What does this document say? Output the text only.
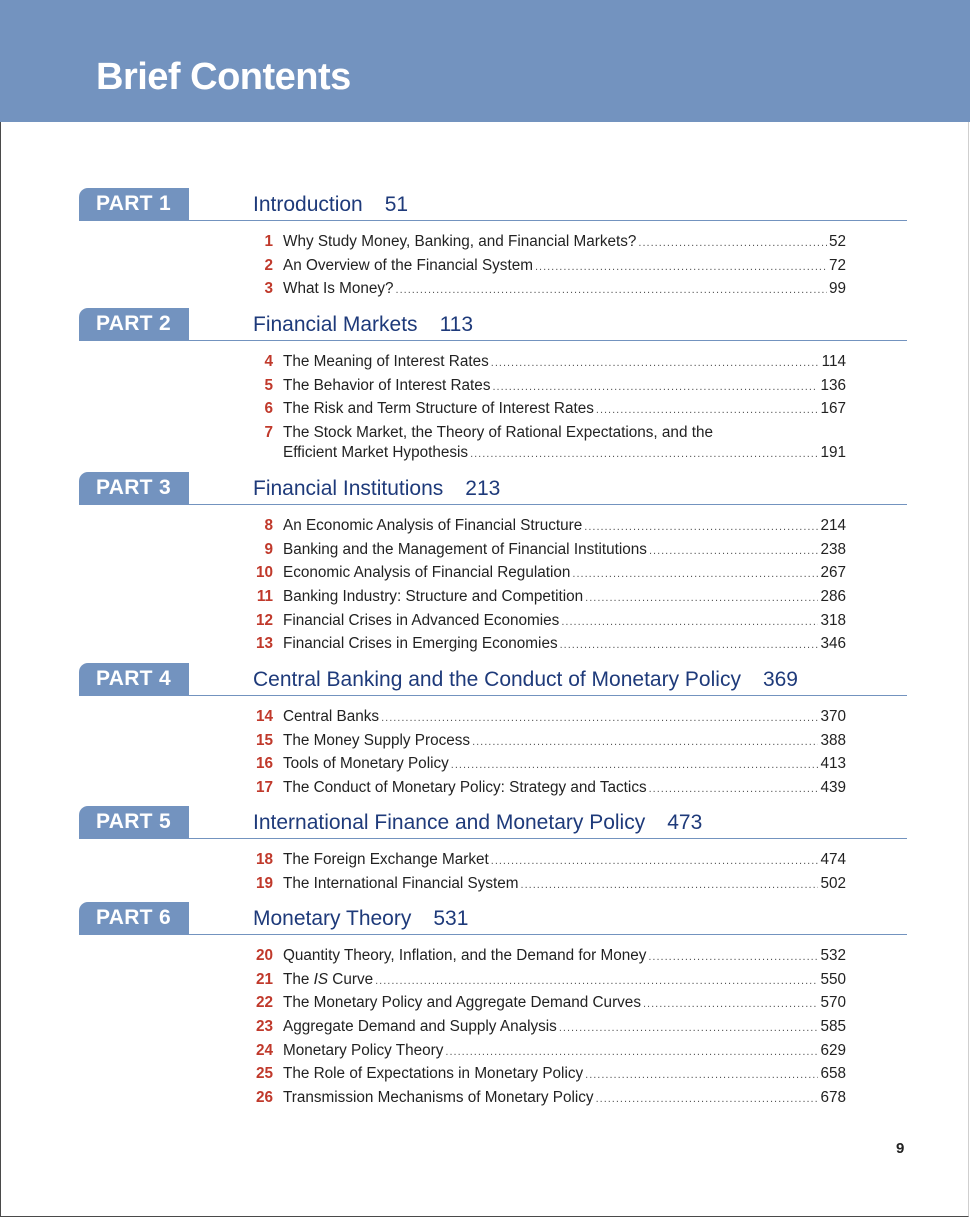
Brief Contents
PART 1	Introduction 51
1 Why Study Money, Banking, and Financial Markets? .....	52
2 An Overview of the Financial System .....	72
3 What Is Money? .....	99
PART 2	Financial Markets 113
4 The Meaning of Interest Rates .....	114
5 The Behavior of Interest Rates .....	136
6 The Risk and Term Structure of Interest Rates .....	167
7 The Stock Market, the Theory of Rational Expectations, and the
Efficient Market Hypothesis .....	191
PART 3	Financial Institutions 213
8 An Economic Analysis of Financial Structure .....	214
9 Banking and the Management of Financial Institutions .....	238
10 Economic Analysis of Financial Regulation .....	267
11 Banking Industry: Structure and Competition .....	286
12 Financial Crises in Advanced Economies .....	318
13 Financial Crises in Emerging Economies .....	346
PART 4	Central Banking and the Conduct of Monetary Policy 369
14 Central Banks .....	370
15 The Money Supply Process .....	388
16 Tools of Monetary Policy .....	413
17 The Conduct of Monetary Policy: Strategy and Tactics .....	439
PART 5	International Finance and Monetary Policy 473
18 The Foreign Exchange Market .....	474
19 The International Financial System .....	502
PART 6	Monetary Theory 531
20 Quantity Theory, Inflation, and the Demand for Money .....	532
21 The IS Curve .....	550
22 The Monetary Policy and Aggregate Demand Curves .....	570
23 Aggregate Demand and Supply Analysis .....	585
24 Monetary Policy Theory .....	629
25 The Role of Expectations in Monetary Policy .....	658
26 Transmission Mechanisms of Monetary Policy .....	678
9
